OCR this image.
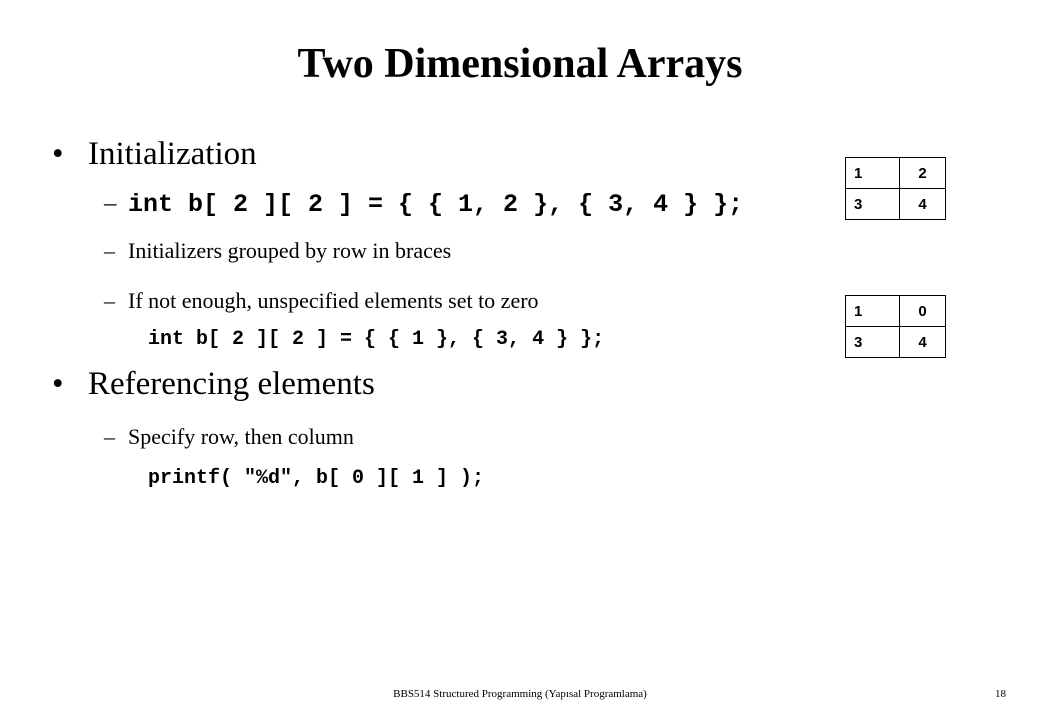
Two Dimensional Arrays
• Initialization
– int b[ 2 ][ 2 ] = { { 1, 2 }, { 3, 4 } };
– Initializers grouped by row in braces
– If not enough, unspecified elements set to zero
int b[ 2 ][ 2 ] = { { 1 }, { 3, 4 } };
• Referencing elements
– Specify row, then column
printf( "%d", b[ 0 ][ 1 ] );
1	2
3	4
1	0
3	4
BBS514 Structured Programming (Yapısal Programlama)	18
